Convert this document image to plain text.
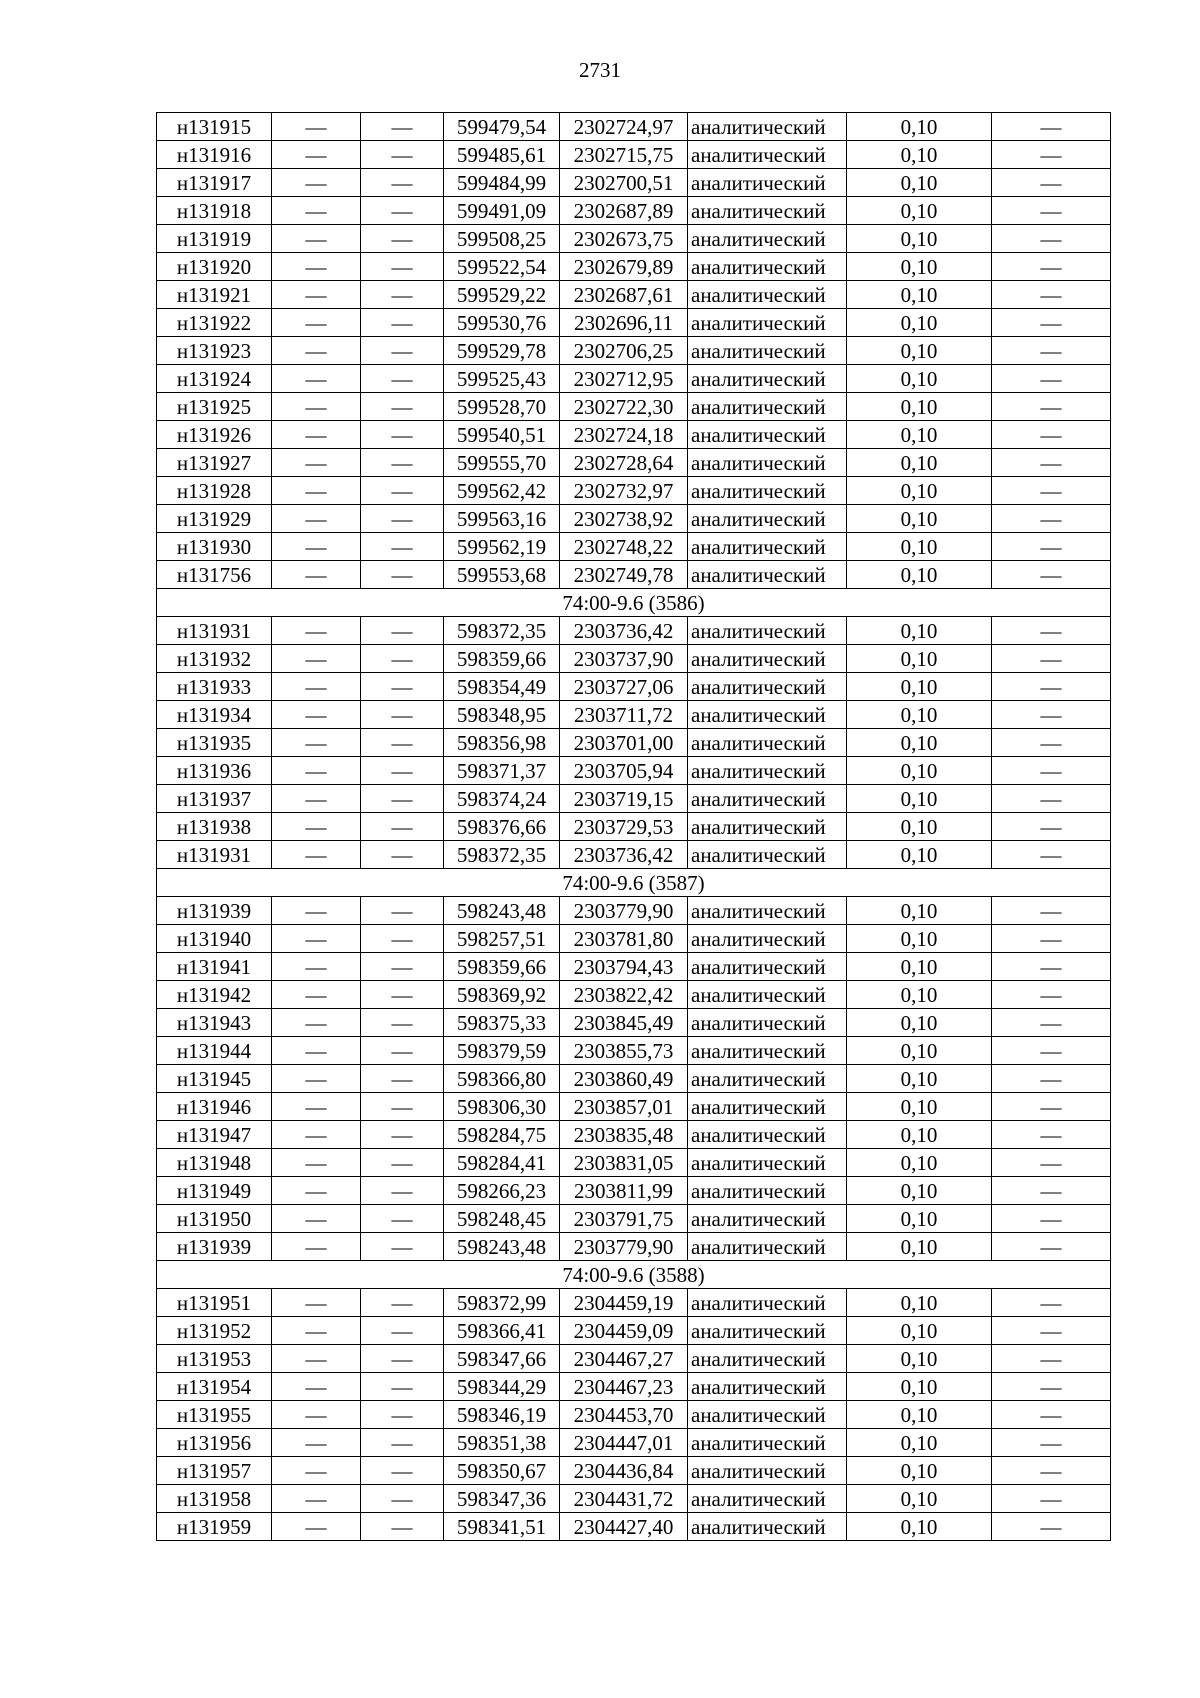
2731
н131915	—	—	599479,54	2302724,97	аналитический	0,10	—
н131916	—	—	599485,61	2302715,75	аналитический	0,10	—
н131917	—	—	599484,99	2302700,51	аналитический	0,10	—
н131918	—	—	599491,09	2302687,89	аналитический	0,10	—
н131919	—	—	599508,25	2302673,75	аналитический	0,10	—
н131920	—	—	599522,54	2302679,89	аналитический	0,10	—
н131921	—	—	599529,22	2302687,61	аналитический	0,10	—
н131922	—	—	599530,76	2302696,11	аналитический	0,10	—
н131923	—	—	599529,78	2302706,25	аналитический	0,10	—
н131924	—	—	599525,43	2302712,95	аналитический	0,10	—
н131925	—	—	599528,70	2302722,30	аналитический	0,10	—
н131926	—	—	599540,51	2302724,18	аналитический	0,10	—
н131927	—	—	599555,70	2302728,64	аналитический	0,10	—
н131928	—	—	599562,42	2302732,97	аналитический	0,10	—
н131929	—	—	599563,16	2302738,92	аналитический	0,10	—
н131930	—	—	599562,19	2302748,22	аналитический	0,10	—
н131756	—	—	599553,68	2302749,78	аналитический	0,10	—
74:00-9.6 (3586)							
н131931	—	—	598372,35	2303736,42	аналитический	0,10	—
н131932	—	—	598359,66	2303737,90	аналитический	0,10	—
н131933	—	—	598354,49	2303727,06	аналитический	0,10	—
н131934	—	—	598348,95	2303711,72	аналитический	0,10	—
н131935	—	—	598356,98	2303701,00	аналитический	0,10	—
н131936	—	—	598371,37	2303705,94	аналитический	0,10	—
н131937	—	—	598374,24	2303719,15	аналитический	0,10	—
н131938	—	—	598376,66	2303729,53	аналитический	0,10	—
н131931	—	—	598372,35	2303736,42	аналитический	0,10	—
74:00-9.6 (3587)							
н131939	—	—	598243,48	2303779,90	аналитический	0,10	—
н131940	—	—	598257,51	2303781,80	аналитический	0,10	—
н131941	—	—	598359,66	2303794,43	аналитический	0,10	—
н131942	—	—	598369,92	2303822,42	аналитический	0,10	—
н131943	—	—	598375,33	2303845,49	аналитический	0,10	—
н131944	—	—	598379,59	2303855,73	аналитический	0,10	—
н131945	—	—	598366,80	2303860,49	аналитический	0,10	—
н131946	—	—	598306,30	2303857,01	аналитический	0,10	—
н131947	—	—	598284,75	2303835,48	аналитический	0,10	—
н131948	—	—	598284,41	2303831,05	аналитический	0,10	—
н131949	—	—	598266,23	2303811,99	аналитический	0,10	—
н131950	—	—	598248,45	2303791,75	аналитический	0,10	—
н131939	—	—	598243,48	2303779,90	аналитический	0,10	—
74:00-9.6 (3588)							
н131951	—	—	598372,99	2304459,19	аналитический	0,10	—
н131952	—	—	598366,41	2304459,09	аналитический	0,10	—
н131953	—	—	598347,66	2304467,27	аналитический	0,10	—
н131954	—	—	598344,29	2304467,23	аналитический	0,10	—
н131955	—	—	598346,19	2304453,70	аналитический	0,10	—
н131956	—	—	598351,38	2304447,01	аналитический	0,10	—
н131957	—	—	598350,67	2304436,84	аналитический	0,10	—
н131958	—	—	598347,36	2304431,72	аналитический	0,10	—
н131959	—	—	598341,51	2304427,40	аналитический	0,10	—
